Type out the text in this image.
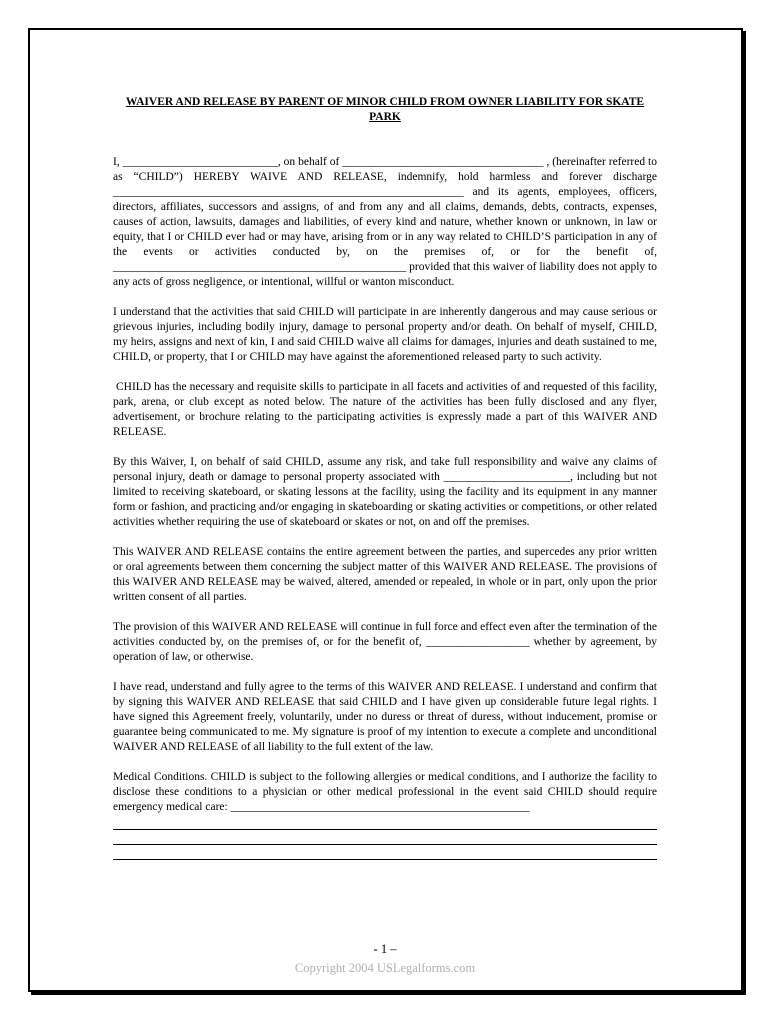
WAIVER AND RELEASE BY PARENT OF MINOR CHILD FROM OWNER LIABILITY FOR SKATE PARK

I, ___________________________, on behalf of ___________________________________ , (hereinafter referred to as “CHILD”) HEREBY WAIVE AND RELEASE, indemnify, hold harmless and forever discharge _____________________________________________________________ and its agents, employees, officers, directors, affiliates, successors and assigns, of and from any and all claims, demands, debts, contracts, expenses, causes of action, lawsuits, damages and liabilities, of every kind and nature, whether known or unknown, in law or equity, that I or CHILD ever had or may have, arising from or in any way related to CHILD’S participation in any of the events or activities conducted by, on the premises of, or for the benefit of, ___________________________________________________ provided that this waiver of liability does not apply to any acts of gross negligence, or intentional, willful or wanton misconduct.

I understand that the activities that said CHILD will participate in are inherently dangerous and may cause serious or grievous injuries, including bodily injury, damage to personal property and/or death. On behalf of myself, CHILD, my heirs, assigns and next of kin, I and said CHILD waive all claims for damages, injuries and death sustained to me, CHILD, or property, that I or CHILD may have against the aforementioned released party to such activity.

CHILD has the necessary and requisite skills to participate in all facets and activities of and requested of this facility, park, arena, or club except as noted below. The nature of the activities has been fully disclosed and any flyer, advertisement, or brochure relating to the participating activities is expressly made a part of this WAIVER AND RELEASE.

By this Waiver, I, on behalf of said CHILD, assume any risk, and take full responsibility and waive any claims of personal injury, death or damage to personal property associated with ______________________, including but not limited to receiving skateboard, or skating lessons at the facility, using the facility and its equipment in any manner form or fashion, and practicing and/or engaging in skateboarding or skating activities or competitions, or other related activities whether requiring the use of skateboard or skates or not, on and off the premises.

This WAIVER AND RELEASE contains the entire agreement between the parties, and supercedes any prior written or oral agreements between them concerning the subject matter of this WAIVER AND RELEASE. The provisions of this WAIVER AND RELEASE may be waived, altered, amended or repealed, in whole or in part, only upon the prior written consent of all parties.

The provision of this WAIVER AND RELEASE will continue in full force and effect even after the termination of the activities conducted by, on the premises of, or for the benefit of, __________________ whether by agreement, by operation of law, or otherwise.

I have read, understand and fully agree to the terms of this WAIVER AND RELEASE. I understand and confirm that by signing this WAIVER AND RELEASE that said CHILD and I have given up considerable future legal rights. I have signed this Agreement freely, voluntarily, under no duress or threat of duress, without inducement, promise or guarantee being communicated to me. My signature is proof of my intention to execute a complete and unconditional WAIVER AND RELEASE of all liability to the full extent of the law.

Medical Conditions. CHILD is subject to the following allergies or medical conditions, and I authorize the facility to disclose these conditions to a physician or other medical professional in the event said CHILD should require emergency medical care: ____________________________________________________

- 1 –
Copyright 2004 USLegalforms.com
